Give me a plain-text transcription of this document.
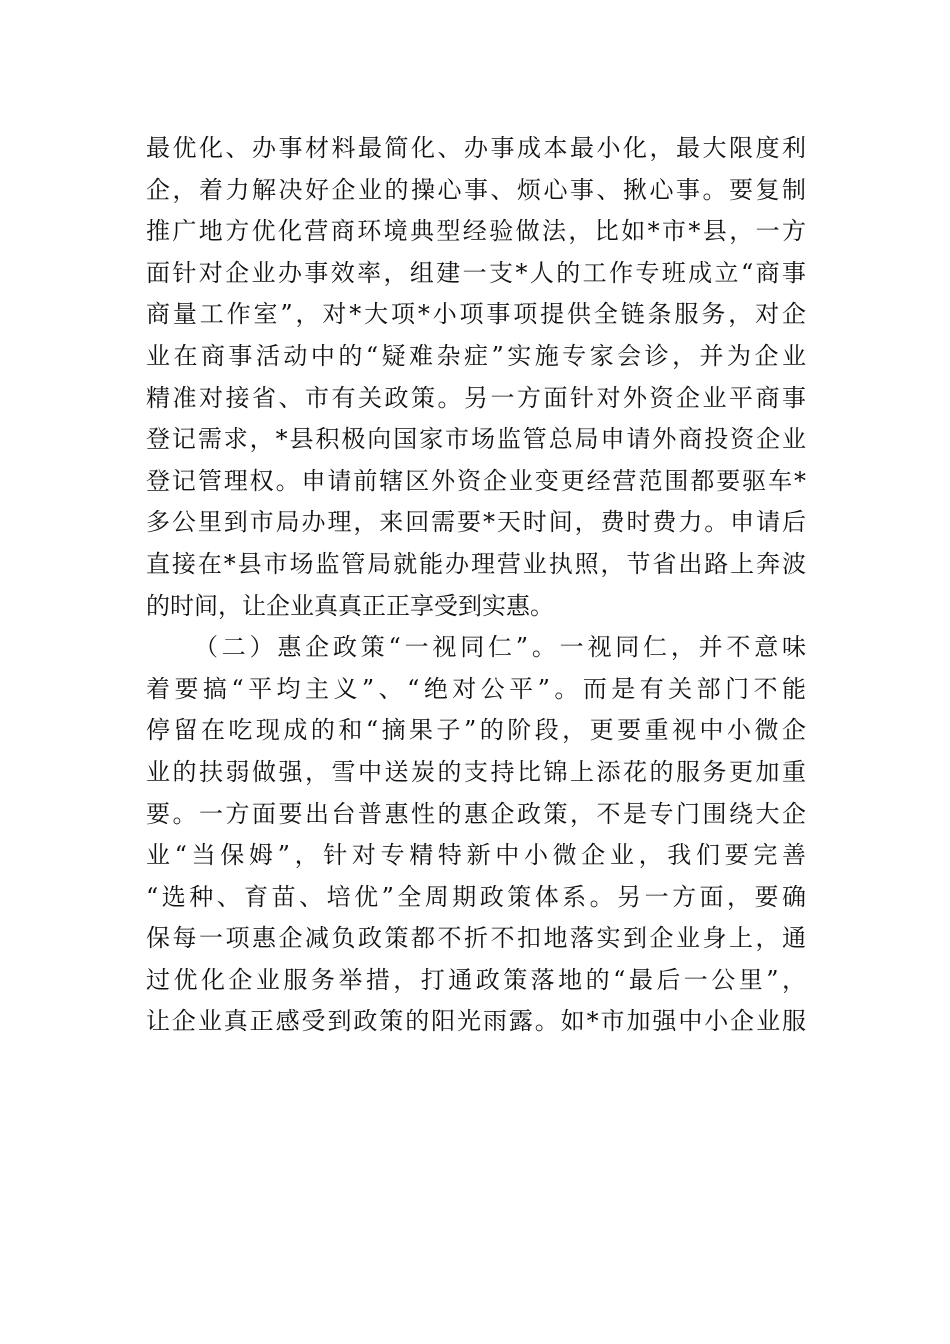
最优化、办事材料最简化、办事成本最小化，最大限度利
企，着力解决好企业的操心事、烦心事、揪心事。要复制
推广地方优化营商环境典型经验做法，比如*市*县，一方
面针对企业办事效率，组建一支*人的工作专班成立“商事
商量工作室”，对*大项*小项事项提供全链条服务，对企
业在商事活动中的“疑难杂症”实施专家会诊，并为企业
精准对接省、市有关政策。另一方面针对外资企业平商事
登记需求，*县积极向国家市场监管总局申请外商投资企业
登记管理权。申请前辖区外资企业变更经营范围都要驱车*
多公里到市局办理，来回需要*天时间，费时费力。申请后
直接在*县市场监管局就能办理营业执照，节省出路上奔波
的时间，让企业真真正正享受到实惠。
（二）惠企政策“一视同仁”。一视同仁，并不意味
着要搞“平均主义”、“绝对公平”。而是有关部门不能
停留在吃现成的和“摘果子”的阶段，更要重视中小微企
业的扶弱做强，雪中送炭的支持比锦上添花的服务更加重
要。一方面要出台普惠性的惠企政策，不是专门围绕大企
业“当保姆”，针对专精特新中小微企业，我们要完善
“选种、育苗、培优”全周期政策体系。另一方面，要确
保每一项惠企减负政策都不折不扣地落实到企业身上，通
过优化企业服务举措，打通政策落地的“最后一公里”，
让企业真正感受到政策的阳光雨露。如*市加强中小企业服
